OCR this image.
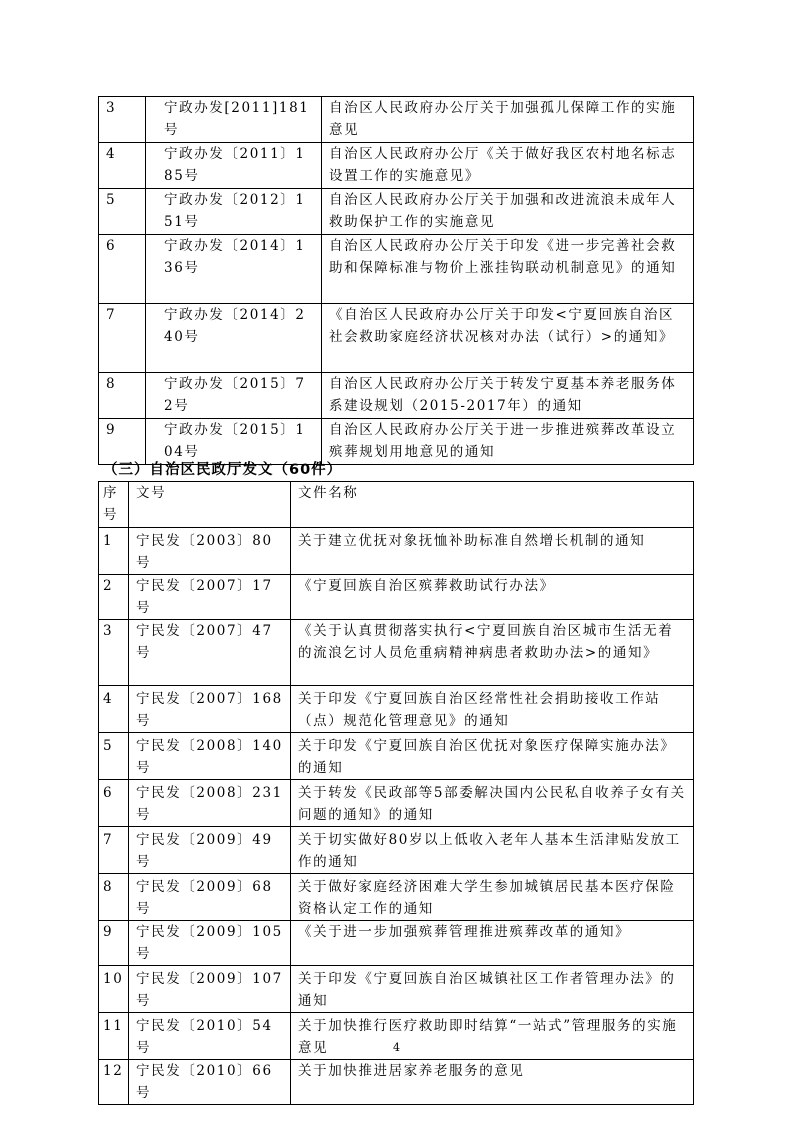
3	宁政办发[2011]181号	自治区人民政府办公厅关于加强孤儿保障工作的实施意见
4	宁政办发〔2011〕185号	自治区人民政府办公厅《关于做好我区农村地名标志设置工作的实施意见》
5	宁政办发〔2012〕151号	自治区人民政府办公厅关于加强和改进流浪未成年人救助保护工作的实施意见
6	宁政办发〔2014〕136号	自治区人民政府办公厅关于印发《进一步完善社会救助和保障标准与物价上涨挂钩联动机制意见》的通知
7	宁政办发〔2014〕240号	《自治区人民政府办公厅关于印发<宁夏回族自治区社会救助家庭经济状况核对办法（试行）>的通知》
8	宁政办发〔2015〕72号	自治区人民政府办公厅关于转发宁夏基本养老服务体系建设规划（2015-2017年）的通知
9	宁政办发〔2015〕104号	自治区人民政府办公厅关于进一步推进殡葬改革设立殡葬规划用地意见的通知
（三）自治区民政厅发文（60件）
序号	文号	文件名称
1	宁民发〔2003〕80号	关于建立优抚对象抚恤补助标准自然增长机制的通知
2	宁民发〔2007〕17号	《宁夏回族自治区殡葬救助试行办法》
3	宁民发〔2007〕47号	《关于认真贯彻落实执行<宁夏回族自治区城市生活无着的流浪乞讨人员危重病精神病患者救助办法>的通知》
4	宁民发〔2007〕168号	关于印发《宁夏回族自治区经常性社会捐助接收工作站（点）规范化管理意见》的通知
5	宁民发〔2008〕140号	关于印发《宁夏回族自治区优抚对象医疗保障实施办法》的通知
6	宁民发〔2008〕231号	关于转发《民政部等5部委解决国内公民私自收养子女有关问题的通知》的通知
7	宁民发〔2009〕49号	关于切实做好80岁以上低收入老年人基本生活津贴发放工作的通知
8	宁民发〔2009〕68号	关于做好家庭经济困难大学生参加城镇居民基本医疗保险资格认定工作的通知
9	宁民发〔2009〕105号	《关于进一步加强殡葬管理推进殡葬改革的通知》
10	宁民发〔2009〕107号	关于印发《宁夏回族自治区城镇社区工作者管理办法》的通知
11	宁民发〔2010〕54号	关于加快推行医疗救助即时结算“一站式”管理服务的实施意见
12	宁民发〔2010〕66号	关于加快推进居家养老服务的意见
4
